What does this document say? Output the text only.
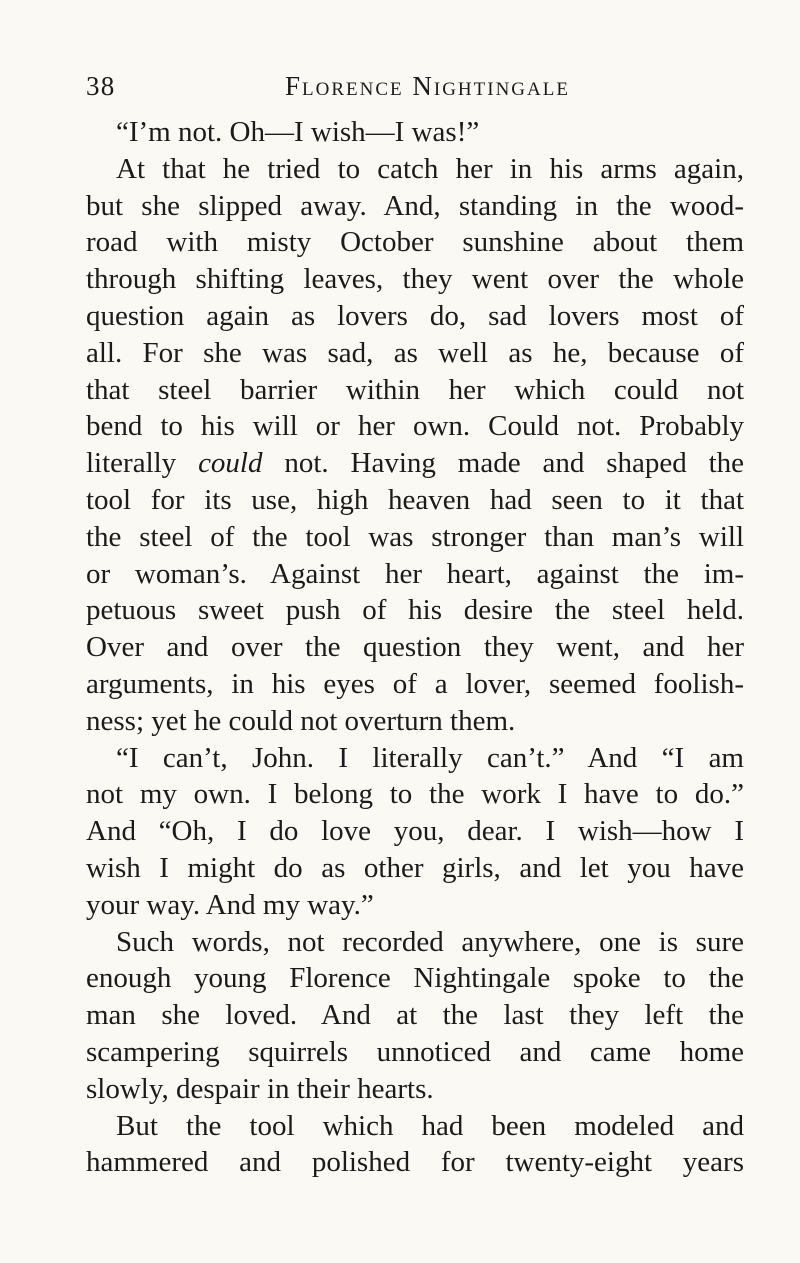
38	Florence Nightingale
“I’m not. Oh—I wish—I was!”
At that he tried to catch her in his arms again,
but she slipped away. And, standing in the wood-
road with misty October sunshine about them
through shifting leaves, they went over the whole
question again as lovers do, sad lovers most of
all. For she was sad, as well as he, because of
that steel barrier within her which could not
bend to his will or her own. Could not. Probably
literally could not. Having made and shaped the
tool for its use, high heaven had seen to it that
the steel of the tool was stronger than man’s will
or woman’s. Against her heart, against the im-
petuous sweet push of his desire the steel held.
Over and over the question they went, and her
arguments, in his eyes of a lover, seemed foolish-
ness; yet he could not overturn them.
“I can’t, John. I literally can’t.” And “I am
not my own. I belong to the work I have to do.”
And “Oh, I do love you, dear. I wish—how I
wish I might do as other girls, and let you have
your way. And my way.”
Such words, not recorded anywhere, one is sure
enough young Florence Nightingale spoke to the
man she loved. And at the last they left the
scampering squirrels unnoticed and came home
slowly, despair in their hearts.
But the tool which had been modeled and
hammered and polished for twenty-eight years
